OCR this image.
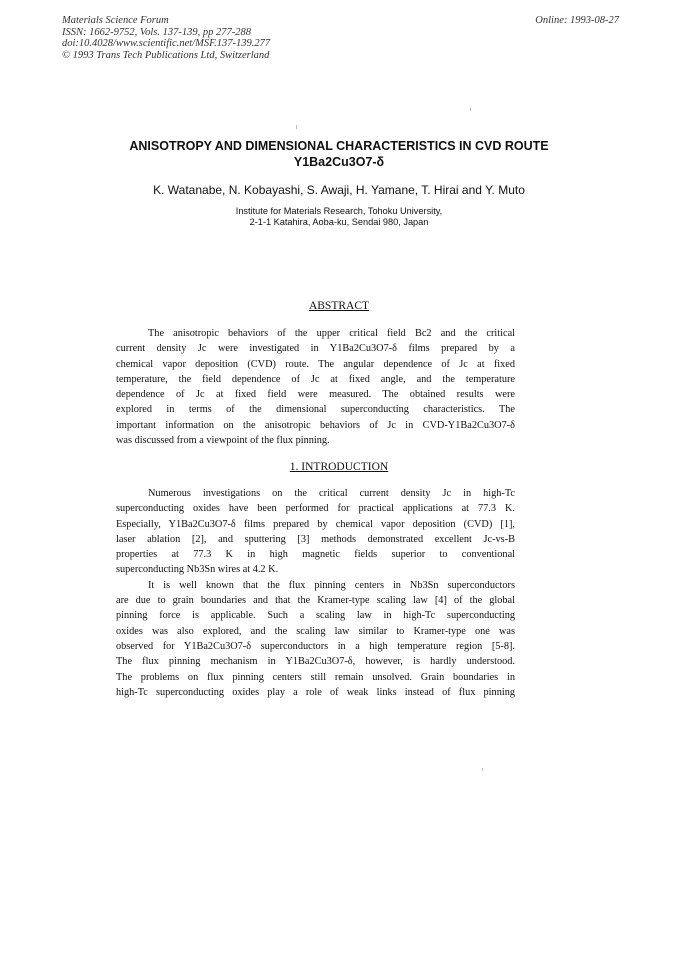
Materials Science Forum
ISSN: 1662-9752, Vols. 137-139, pp 277-288
doi:10.4028/www.scientific.net/MSF.137-139.277
© 1993 Trans Tech Publications Ltd, Switzerland
Online: 1993-08-27
ANISOTROPY AND DIMENSIONAL CHARACTERISTICS IN CVD ROUTE
Y1Ba2Cu3O7-δ
K. Watanabe, N. Kobayashi, S. Awaji, H. Yamane, T. Hirai and Y. Muto
Institute for Materials Research, Tohoku University,
2-1-1 Katahira, Aoba-ku, Sendai 980, Japan
ABSTRACT
The anisotropic behaviors of the upper critical field Bc2 and the critical
current density Jc were investigated in Y1Ba2Cu3O7-δ films prepared by a
chemical vapor deposition (CVD) route. The angular dependence of Jc at fixed
temperature, the field dependence of Jc at fixed angle, and the temperature
dependence of Jc at fixed field were measured. The obtained results were
explored in terms of the dimensional superconducting characteristics. The
important information on the anisotropic behaviors of Jc in CVD-Y1Ba2Cu3O7-δ
was discussed from a viewpoint of the flux pinning.
1. INTRODUCTION
Numerous investigations on the critical current density Jc in high-Tc
superconducting oxides have been performed for practical applications at 77.3 K.
Especially, Y1Ba2Cu3O7-δ films prepared by chemical vapor deposition (CVD) [1],
laser ablation [2], and sputtering [3] methods demonstrated excellent Jc-vs-B
properties at 77.3 K in high magnetic fields superior to conventional
superconducting Nb3Sn wires at 4.2 K.
It is well known that the flux pinning centers in Nb3Sn superconductors
are due to grain boundaries and that the Kramer-type scaling law [4] of the global
pinning force is applicable. Such a scaling law in high-Tc superconducting
oxides was also explored, and the scaling law similar to Kramer-type one was
observed for Y1Ba2Cu3O7-δ superconductors in a high temperature region [5-8].
The flux pinning mechanism in Y1Ba2Cu3O7-δ, however, is hardly understood.
The problems on flux pinning centers still remain unsolved. Grain boundaries in
high-Tc superconducting oxides play a role of weak links instead of flux pinning
